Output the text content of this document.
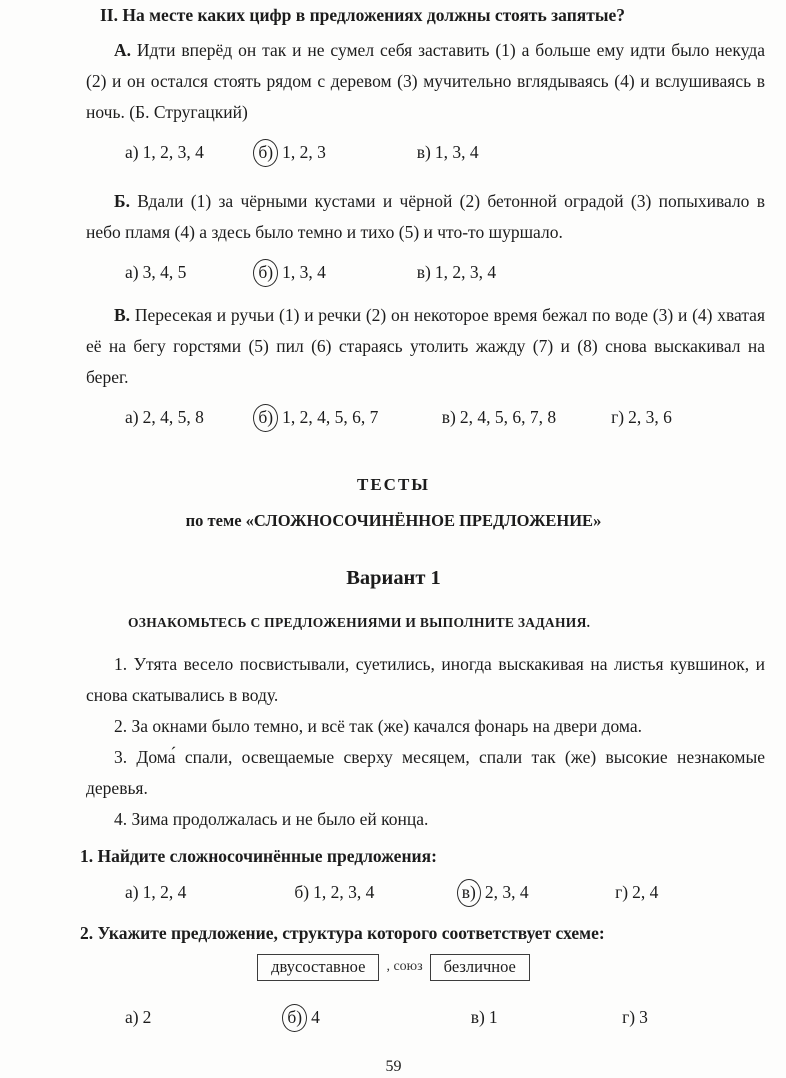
II. На месте каких цифр в предложениях должны стоять запятые?

А. Идти вперёд он так и не сумел себя заставить (1) а больше ему идти было некуда (2) и он остался стоять рядом с деревом (3) мучительно вглядываясь (4) и вслушиваясь в ночь. (Б. Стругацкий)

а) 1, 2, 3, 4	б) 1, 2, 3	в) 1, 3, 4

Б. Вдали (1) за чёрными кустами и чёрной (2) бетонной оградой (3) попыхивало в небо пламя (4) а здесь было темно и тихо (5) и что-то шуршало.

а) 3, 4, 5	б) 1, 3, 4	в) 1, 2, 3, 4

В. Пересекая и ручьи (1) и речки (2) он некоторое время бежал по воде (3) и (4) хватая её на бегу горстями (5) пил (6) стараясь утолить жажду (7) и (8) снова выскакивал на берег.

а) 2, 4, 5, 8	б) 1, 2, 4, 5, 6, 7	в) 2, 4, 5, 6, 7, 8	г) 2, 3, 6
ТЕСТЫ
по теме «СЛОЖНОСОЧИНЁННОЕ ПРЕДЛОЖЕНИЕ»
Вариант 1

ОЗНАКОМЬТЕСЬ С ПРЕДЛОЖЕНИЯМИ И ВЫПОЛНИТЕ ЗАДАНИЯ.

1. Утята весело посвистывали, суетились, иногда выскакивая на листья кувшинок, и снова скатывались в воду.

2. За окнами было темно, и всё так (же) качался фонарь на двери дома.

3. Дома́ спали, освещаемые сверху месяцем, спали так (же) высокие незнакомые деревья.

4. Зима продолжалась и не было ей конца.

1. Найдите сложносочинённые предложения:

а) 1, 2, 4	б) 1, 2, 3, 4	в) 2, 3, 4	г) 2, 4

2. Укажите предложение, структура которого соответствует схеме:

двусоставное	, союз	безличное
а) 2	б) 4	в) 1	г) 3

59
